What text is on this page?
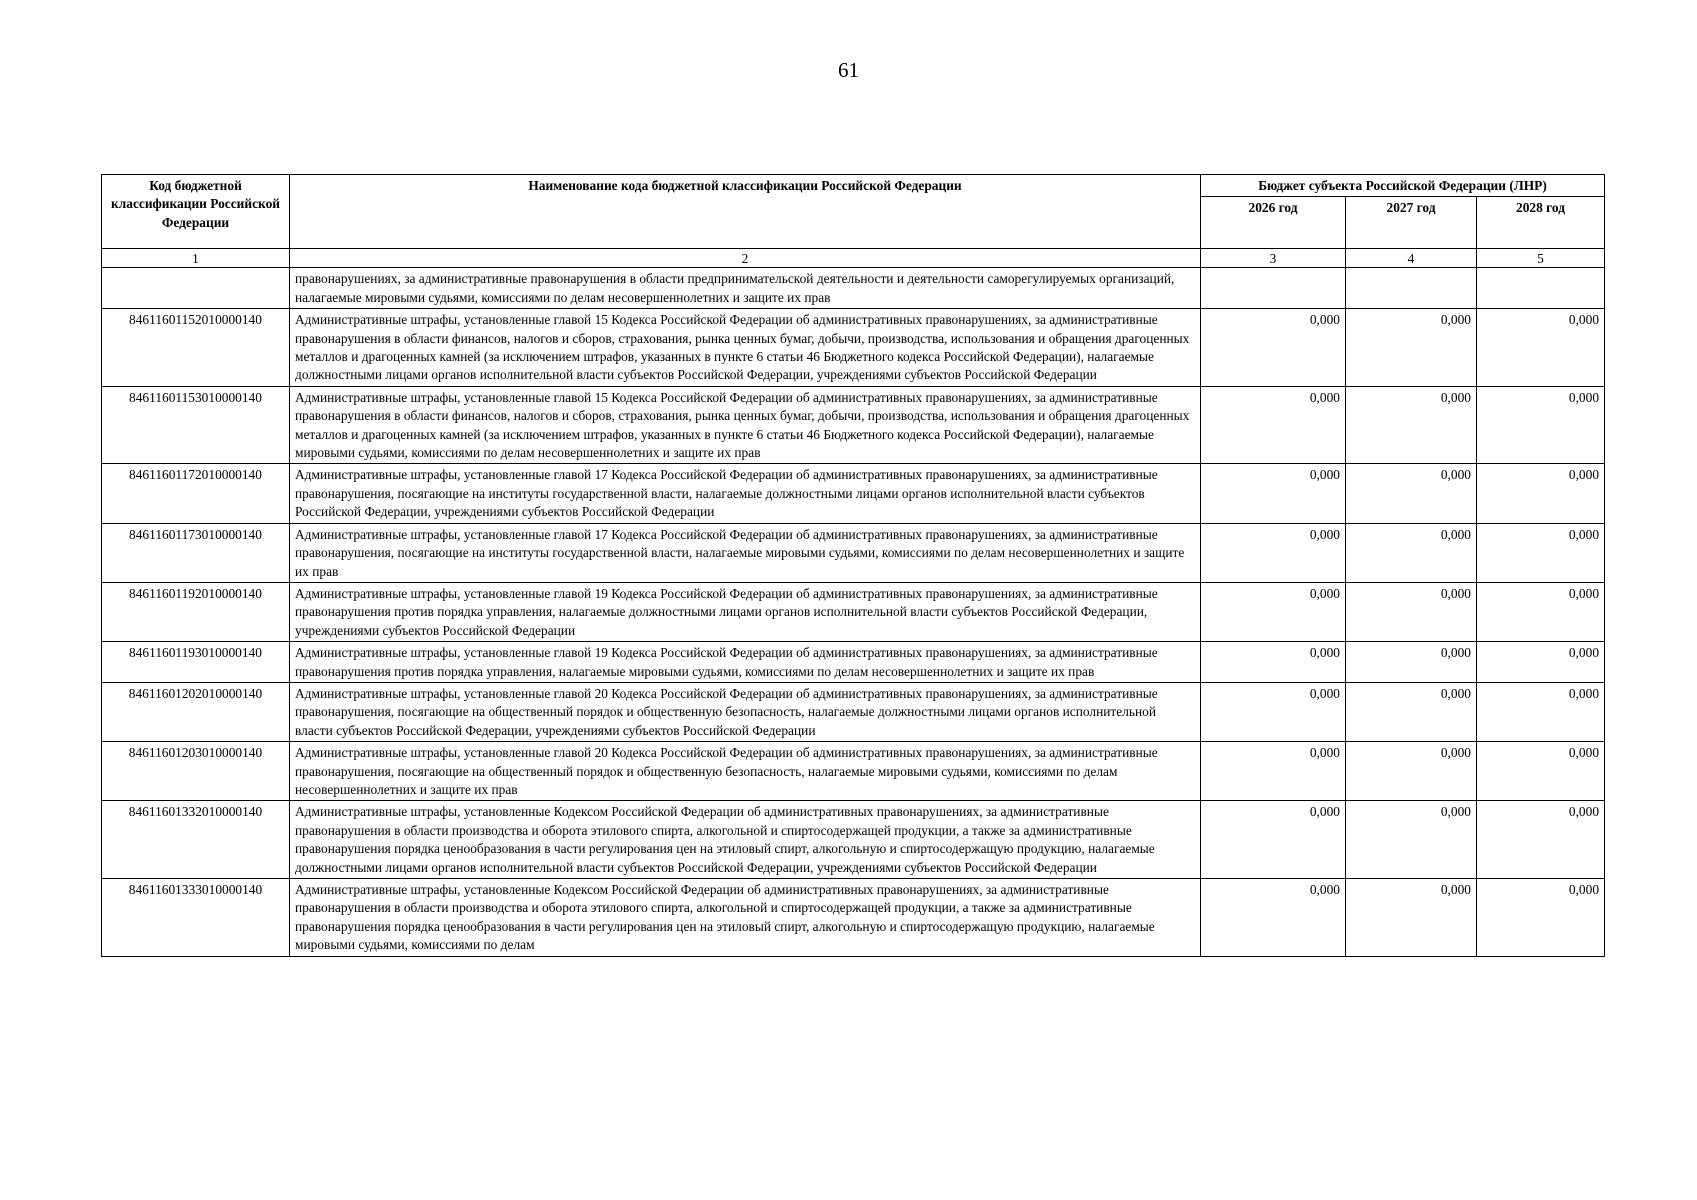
61
Код бюджетной классификации Российской Федерации	Наименование кода бюджетной классификации Российской Федерации	Бюджет субъекта Российской Федерации (ЛНР)		
		2026 год	2027 год	2028 год
1	2	3	4	5
	правонарушениях, за административные правонарушения в области предпринимательской деятельности и деятельности саморегулируемых организаций, налагаемые мировыми судьями, комиссиями по делам несовершеннолетних и защите их прав			
84611601152010000140	Административные штрафы, установленные главой 15 Кодекса Российской Федерации об административных правонарушениях, за административные правонарушения в области финансов, налогов и сборов, страхования, рынка ценных бумаг, добычи, производства, использования и обращения драгоценных металлов и драгоценных камней (за исключением штрафов, указанных в пункте 6 статьи 46 Бюджетного кодекса Российской Федерации), налагаемые должностными лицами органов исполнительной власти субъектов Российской Федерации, учреждениями субъектов Российской Федерации	0,000	0,000	0,000
84611601153010000140	Административные штрафы, установленные главой 15 Кодекса Российской Федерации об административных правонарушениях, за административные правонарушения в области финансов, налогов и сборов, страхования, рынка ценных бумаг, добычи, производства, использования и обращения драгоценных металлов и драгоценных камней (за исключением штрафов, указанных в пункте 6 статьи 46 Бюджетного кодекса Российской Федерации), налагаемые мировыми судьями, комиссиями по делам несовершеннолетних и защите их прав	0,000	0,000	0,000
84611601172010000140	Административные штрафы, установленные главой 17 Кодекса Российской Федерации об административных правонарушениях, за административные правонарушения, посягающие на институты государственной власти, налагаемые должностными лицами органов исполнительной власти субъектов Российской Федерации, учреждениями субъектов Российской Федерации	0,000	0,000	0,000
84611601173010000140	Административные штрафы, установленные главой 17 Кодекса Российской Федерации об административных правонарушениях, за административные правонарушения, посягающие на институты государственной власти, налагаемые мировыми судьями, комиссиями по делам несовершеннолетних и защите их прав	0,000	0,000	0,000
84611601192010000140	Административные штрафы, установленные главой 19 Кодекса Российской Федерации об административных правонарушениях, за административные правонарушения против порядка управления, налагаемые должностными лицами органов исполнительной власти субъектов Российской Федерации, учреждениями субъектов Российской Федерации	0,000	0,000	0,000
84611601193010000140	Административные штрафы, установленные главой 19 Кодекса Российской Федерации об административных правонарушениях, за административные правонарушения против порядка управления, налагаемые мировыми судьями, комиссиями по делам несовершеннолетних и защите их прав	0,000	0,000	0,000
84611601202010000140	Административные штрафы, установленные главой 20 Кодекса Российской Федерации об административных правонарушениях, за административные правонарушения, посягающие на общественный порядок и общественную безопасность, налагаемые должностными лицами органов исполнительной власти субъектов Российской Федерации, учреждениями субъектов Российской Федерации	0,000	0,000	0,000
84611601203010000140	Административные штрафы, установленные главой 20 Кодекса Российской Федерации об административных правонарушениях, за административные правонарушения, посягающие на общественный порядок и общественную безопасность, налагаемые мировыми судьями, комиссиями по делам несовершеннолетних и защите их прав	0,000	0,000	0,000
84611601332010000140	Административные штрафы, установленные Кодексом Российской Федерации об административных правонарушениях, за административные правонарушения в области производства и оборота этилового спирта, алкогольной и спиртосодержащей продукции, а также за административные правонарушения порядка ценообразования в части регулирования цен на этиловый спирт, алкогольную и спиртосодержащую продукцию, налагаемые должностными лицами органов исполнительной власти субъектов Российской Федерации, учреждениями субъектов Российской Федерации	0,000	0,000	0,000
84611601333010000140	Административные штрафы, установленные Кодексом Российской Федерации об административных правонарушениях, за административные правонарушения в области производства и оборота этилового спирта, алкогольной и спиртосодержащей продукции, а также за административные правонарушения порядка ценообразования в части регулирования цен на этиловый спирт, алкогольную и спиртосодержащую продукцию, налагаемые мировыми судьями, комиссиями по делам	0,000	0,000	0,000
